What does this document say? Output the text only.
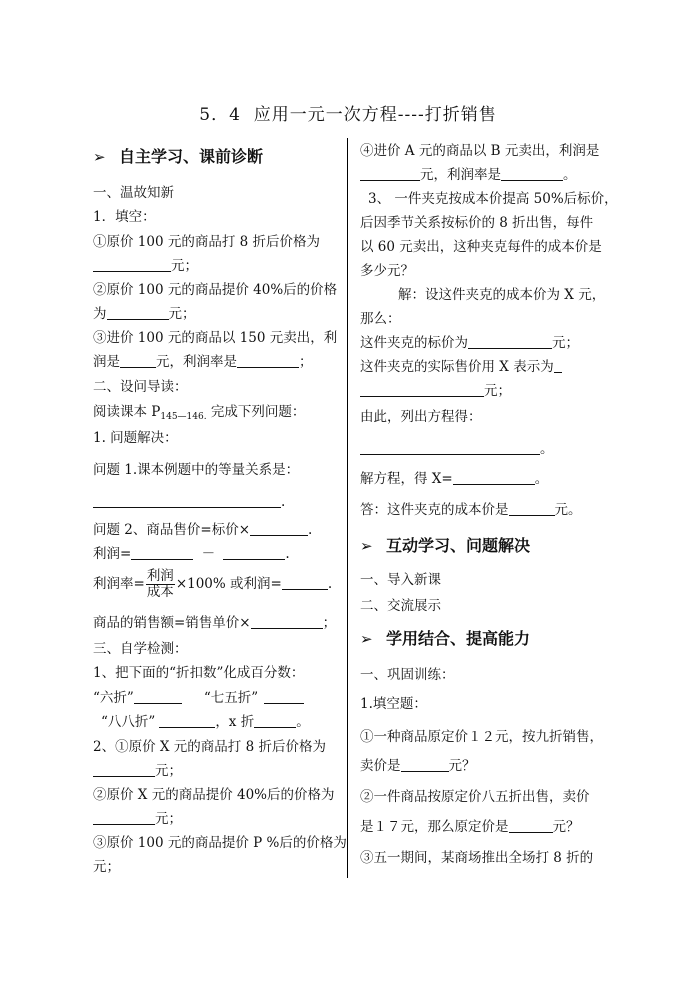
5．4  应用一元一次方程----打折销售
➢ 自主学习、课前诊断
一、温故知新
1．填空：
①原价 100 元的商品打 8 折后价格为
元；
②原价 100 元的商品提价 40%后的价格
为	元；
③进价 100 元的商品以 150 元卖出，利
润是	元，利润率是	；
二、设问导读：
阅读课本 $P_{145—146.}$ 完成下列问题：
1. 问题解决：
问题 1.课本例题中的等量关系是：
.
问题 2、商品售价=标价×	.
利润=	－	.
利润率= $\frac{\text{利润}}{\text{成本}} \times 100\%$ 或利润=	.
商品的销售额=销售单价×	；
三、自学检测：
1、把下面的“折扣数”化成百分数：
“六折”	“七五折”
“八八折”	，x 折	。
2、①原价 X 元的商品打 8 折后价格为
元；
②原价 X 元的商品提价 40%后的价格为
元；
③原价 100 元的商品提价 P %后的价格为
元；
④进价 A 元的商品以 B 元卖出，利润是
元，利润率是	。
3、 一件夹克按成本价提高 50%后标价，
后因季节关系按标价的 8 折出售，每件
以 60 元卖出，这种夹克每件的成本价是
多少元？
解：设这件夹克的成本价为 X 元，
那么：
这件夹克的标价为	元；
这件夹克的实际售价用 X 表示为
元；
由此，列出方程得：
。
解方程，得 X=	。
答：这件夹克的成本价是	元。
➢ 互动学习、问题解决
一、导入新课
二、交流展示
➢ 学用结合、提高能力
一、巩固训练：
1.填空题：
①一种商品原定价１２元，按九折销售，
卖价是	元？
②一件商品按原定价八五折出售，卖价
是１７元，那么原定价是	元？
③五一期间，某商场推出全场打 8 折的
